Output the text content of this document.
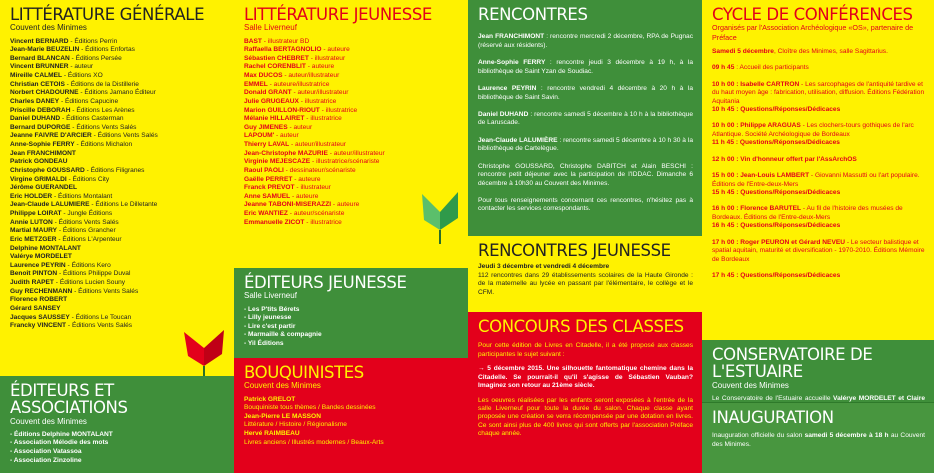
LITTÉRATURE GÉNÉRALE
Couvent des Minimes
Vincent BERNARD - Éditions Perrin
Jean-Marie BEUZELIN - Éditions Enfortas
Bernard BLANCAN - Éditions Persée
Vincent BRUNNER - auteur
Mireille CALMEL - Éditions XO
Christian CETOIS - Éditions de la Distillerie
Norbert CHADOURNE - Éditions Jamano Éditeur
Charles DANEY - Éditions Capucine
Priscille DEBORAH - Éditions Les Arènes
Daniel DUHAND - Éditions Casterman
Bernard DUPORGE - Éditions Vents Salés
Jeanne FAIVRE D'ARCIER - Éditions Vents Salés
Anne-Sophie FERRY - Éditions Michalon
Jean FRANCHIMONT
Patrick GONDEAU
Christophe GOUSSARD - Éditions Filigranes
Virgine GRIMALDI - Éditions City
Jérôme GUERANDEL
Eric HOLDER - Éditions Montalant
Jean-Claude LALUMIERE - Éditions Le Dilletante
Philippe LOIRAT - Jungle Éditions
Annie LUTON - Éditions Vents Salés
Martial MAURY - Éditions Grancher
Eric METZGER - Éditions L'Arpenteur
Delphine MONTALANT
Valérye MORDELET
Laurence PEYRIN - Éditions Kero
Benoît PINTON - Éditions Philippe Duval
Judith RAPET - Éditions Lucien Souny
Guy RECHENMANN - Éditions Vents Salés
Florence ROBERT
Gérard SANSEY
Jacques SAUSSEY - Éditions Le Toucan
Francky VINCENT - Éditions Vents Salés
ÉDITEURS ET ASSOCIATIONS
Couvent des Minimes
- Éditions Delphine MONTALANT
- Association Mélodie des mots
- Association Vatassoa
- Association Zinzoline
LITTÉRATURE JEUNESSE
Salle Liverneuf
BAST - illustrateur BD
Raffaella BERTAGNOLIO - auteure
Sébastien CHEBRET - illustrateur
Rachel CORENBLIT - auteure
Max DUCOS - auteur/illustrateur
EMMEL - auteure/illustratrice
Donald GRANT - auteur/illustrateur
Julie GRUGEAUX - illustratrice
Marion GUILLON-RIOUT - illustratrice
Mélanie HILLAIRET - illustratrice
Guy JIMENES - auteur
LAPOUM' - auteur
Thierry LAVAL - auteur/illustrateur
Jean-Christophe MAZURIE - auteur/illustrateur
Virginie MEJESCAZE - illustratrice/scénariste
Raoul PAOLI - dessinateur/scénariste
Gaëlle PERRET - auteure
Franck PREVOT - illustrateur
Anne SAMUEL - auteure
Jeanne TABONI-MISERAZZI - auteure
Eric WANTIEZ - auteur/scénariste
Emmanuelle ZICOT - illustratrice
ÉDITEURS JEUNESSE
Salle Liverneuf
- Les P'tits Bérets
- Lilly jeunesse
- Lire c'est partir
- Marmaille & compagnie
- Yil Éditions
BOUQUINISTES
Couvent des Minimes
Patrick GRELOT
Bouquiniste tous thèmes / Bandes dessinées
Jean-Pierre LE MASSON
Littérature / Histoire / Régionalisme
Hervé RAIMBEAU
Livres anciens / Illustrés modernes / Beaux-Arts
RENCONTRES
Jean FRANCHIMONT : rencontre mercredi 2 décembre, RPA de Pugnac (réservé aux résidents).
Anne-Sophie FERRY : rencontre jeudi 3 décembre à 19 h, à la bibliothèque de Saint Yzan de Soudiac.
Laurence PEYRIN : rencontre vendredi 4 décembre à 20 h à la bibliothèque de Saint Savin.
Daniel DUHAND : rencontre samedi 5 décembre à 10 h à la bibliothèque de Laruscade.
Jean-Claude LALUMIÈRE : rencontre samedi 5 décembre à 10 h 30 à la bibliothèque de Cartelègue.
Christophe GOUSSARD, Christophe DABITCH et Alain BESCHI : rencontre petit déjeuner avec la participation de l'IDDAC. Dimanche 6 décembre à 10h30 au Couvent des Minimes.
Pour tous renseignements concernant ces rencontres, n'hésitez pas à contacter les services correspondants.
RENCONTRES JEUNESSE
Jeudi 3 décembre et vendredi 4 décembre
112 rencontres dans 29 établissements scolaires de la Haute Gironde : de la maternelle au lycée en passant par l'élémentaire, le collège et le CFM.
CONCOURS DES CLASSES
Pour cette édition de Livres en Citadelle, il a été proposé aux classes participantes le sujet suivant :
→ 5 décembre 2015. Une silhouette fantomatique chemine dans la Citadelle. Se pourrait-il qu'il s'agisse de Sébastien Vauban? Imaginez son retour au 21ème siècle.
Les oeuvres réalisées par les enfants seront exposées à l'entrée de la salle Liverneuf pour toute la durée du salon. Chaque classe ayant proposée une création se verra récompensée par une dotation en livres. Ce sont ainsi plus de 400 livres qui sont offerts par l'association Préface chaque année.
CYCLE DE CONFÉRENCES
Organisés par l'Association Archéologique «OS», partenaire de Préface
Samedi 5 décembre, Cloître des Minimes, salle Sagittarius.
09 h 45 : Accueil des participants
10 h 00 : Isabelle CARTRON - Les sarcophages de l'antiquité tardive et du haut moyen âge : fabrication, utilisation, diffusion. Éditions Fédération Aquitania
10 h 45 : Questions/Réponses/Dédicaces
10 h 00 : Philippe ARAGUAS - Les clochers-tours gothiques de l'arc Atlantique. Société Archéologique de Bordeaux
11 h 45 : Questions/Réponses/Dédicaces
12 h 00 : Vin d'honneur offert par l'AssArchOS
15 h 00 : Jean-Louis LAMBERT - Giovanni Massutti ou l'art populaire. Éditions de l'Entre-deux-Mers
15 h 45 : Questions/Réponses/Dédicaces
16 h 00 : Florence BARUTEL - Au fil de l'histoire des musées de Bordeaux. Éditions de l'Entre-deux-Mers
16 h 45 : Questions/Réponses/Dédicaces
17 h 00 : Roger PEURON et Gérard NEVEU - Le secteur balistique et spatial aquitain, maturité et diversification - 1970-2010. Éditions Mémoire de Bordeaux
17 h 45 : Questions/Réponses/Dédicaces
CONSERVATOIRE DE L'ESTUAIRE
Couvent des Minimes
Le Conservatoire de l'Estuaire accueille Valérye MORDELET et Claire
INAUGURATION
Inauguration officielle du salon samedi 5 décembre à 18 h au Couvent des Minimes.
